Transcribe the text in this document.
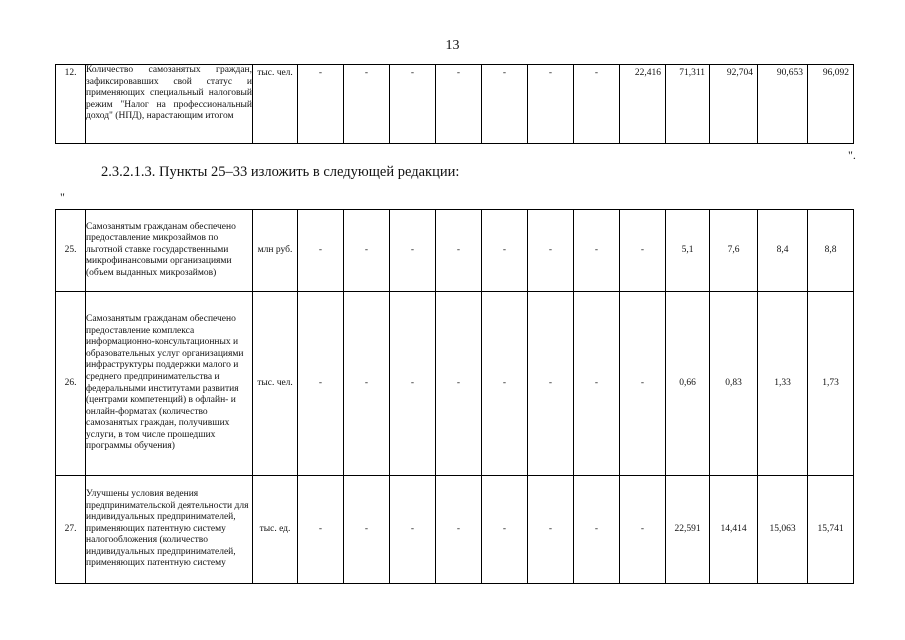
13
12.	Количество самозанятых граждан, зафиксировавших свой статус и применяющих специальный налоговый режим "Налог на профессиональный доход" (НПД), нарастающим итогом	тыс. чел.	-	-	-	-	-	-	-	22,416	71,311	92,704	90,653	96,092
".
2.3.2.1.3. Пункты 25–33 изложить в следующей редакции:
"
25.	Самозанятым гражданам обеспечено предоставление микрозаймов по льготной ставке государственными микрофинансовыми организациями (объем выданных микрозаймов)	млн руб.	-	-	-	-	-	-	-	-	5,1	7,6	8,4	8,8
26.	Самозанятым гражданам обеспечено предоставление комплекса информационно-консультационных и образовательных услуг организациями инфраструктуры поддержки малого и среднего предпринимательства и федеральными институтами развития (центрами компетенций) в офлайн- и онлайн-форматах (количество самозанятых граждан, получивших услуги, в том числе прошедших программы обучения)	тыс. чел.	-	-	-	-	-	-	-	-	0,66	0,83	1,33	1,73
27.	Улучшены условия ведения предпринимательской деятельности для индивидуальных предпринимателей, применяющих патентную систему налогообложения (количество индивидуальных предпринимателей, применяющих патентную систему	тыс. ед.	-	-	-	-	-	-	-	-	22,591	14,414	15,063	15,741
